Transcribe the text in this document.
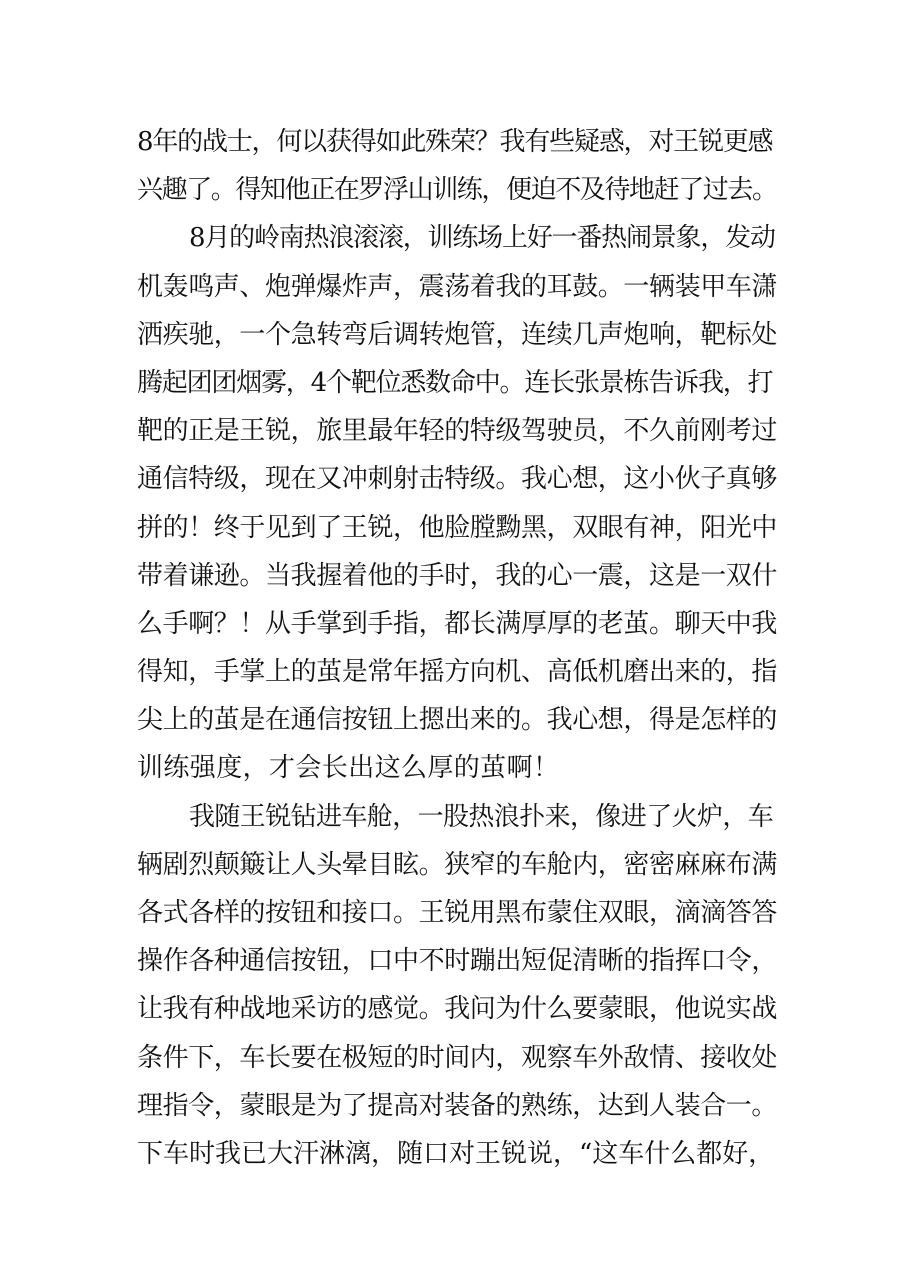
8年的战士，何以获得如此殊荣？我有些疑惑，对王锐更感
兴趣了。得知他正在罗浮山训练，便迫不及待地赶了过去。
8月的岭南热浪滚滚，训练场上好一番热闹景象，发动
机轰鸣声、炮弹爆炸声，震荡着我的耳鼓。一辆装甲车潇
洒疾驰，一个急转弯后调转炮管，连续几声炮响，靶标处
腾起团团烟雾，4个靶位悉数命中。连长张景栋告诉我，打
靶的正是王锐，旅里最年轻的特级驾驶员，不久前刚考过
通信特级，现在又冲刺射击特级。我心想，这小伙子真够
拼的！终于见到了王锐，他脸膛黝黑，双眼有神，阳光中
带着谦逊。当我握着他的手时，我的心一震，这是一双什
么手啊？！从手掌到手指，都长满厚厚的老茧。聊天中我
得知，手掌上的茧是常年摇方向机、高低机磨出来的，指
尖上的茧是在通信按钮上摁出来的。我心想，得是怎样的
训练强度，才会长出这么厚的茧啊！
我随王锐钻进车舱，一股热浪扑来，像进了火炉，车
辆剧烈颠簸让人头晕目眩。狭窄的车舱内，密密麻麻布满
各式各样的按钮和接口。王锐用黑布蒙住双眼，滴滴答答
操作各种通信按钮，口中不时蹦出短促清晰的指挥口令，
让我有种战地采访的感觉。我问为什么要蒙眼，他说实战
条件下，车长要在极短的时间内，观察车外敌情、接收处
理指令，蒙眼是为了提高对装备的熟练，达到人装合一。
下车时我已大汗淋漓，随口对王锐说，“这车什么都好，
